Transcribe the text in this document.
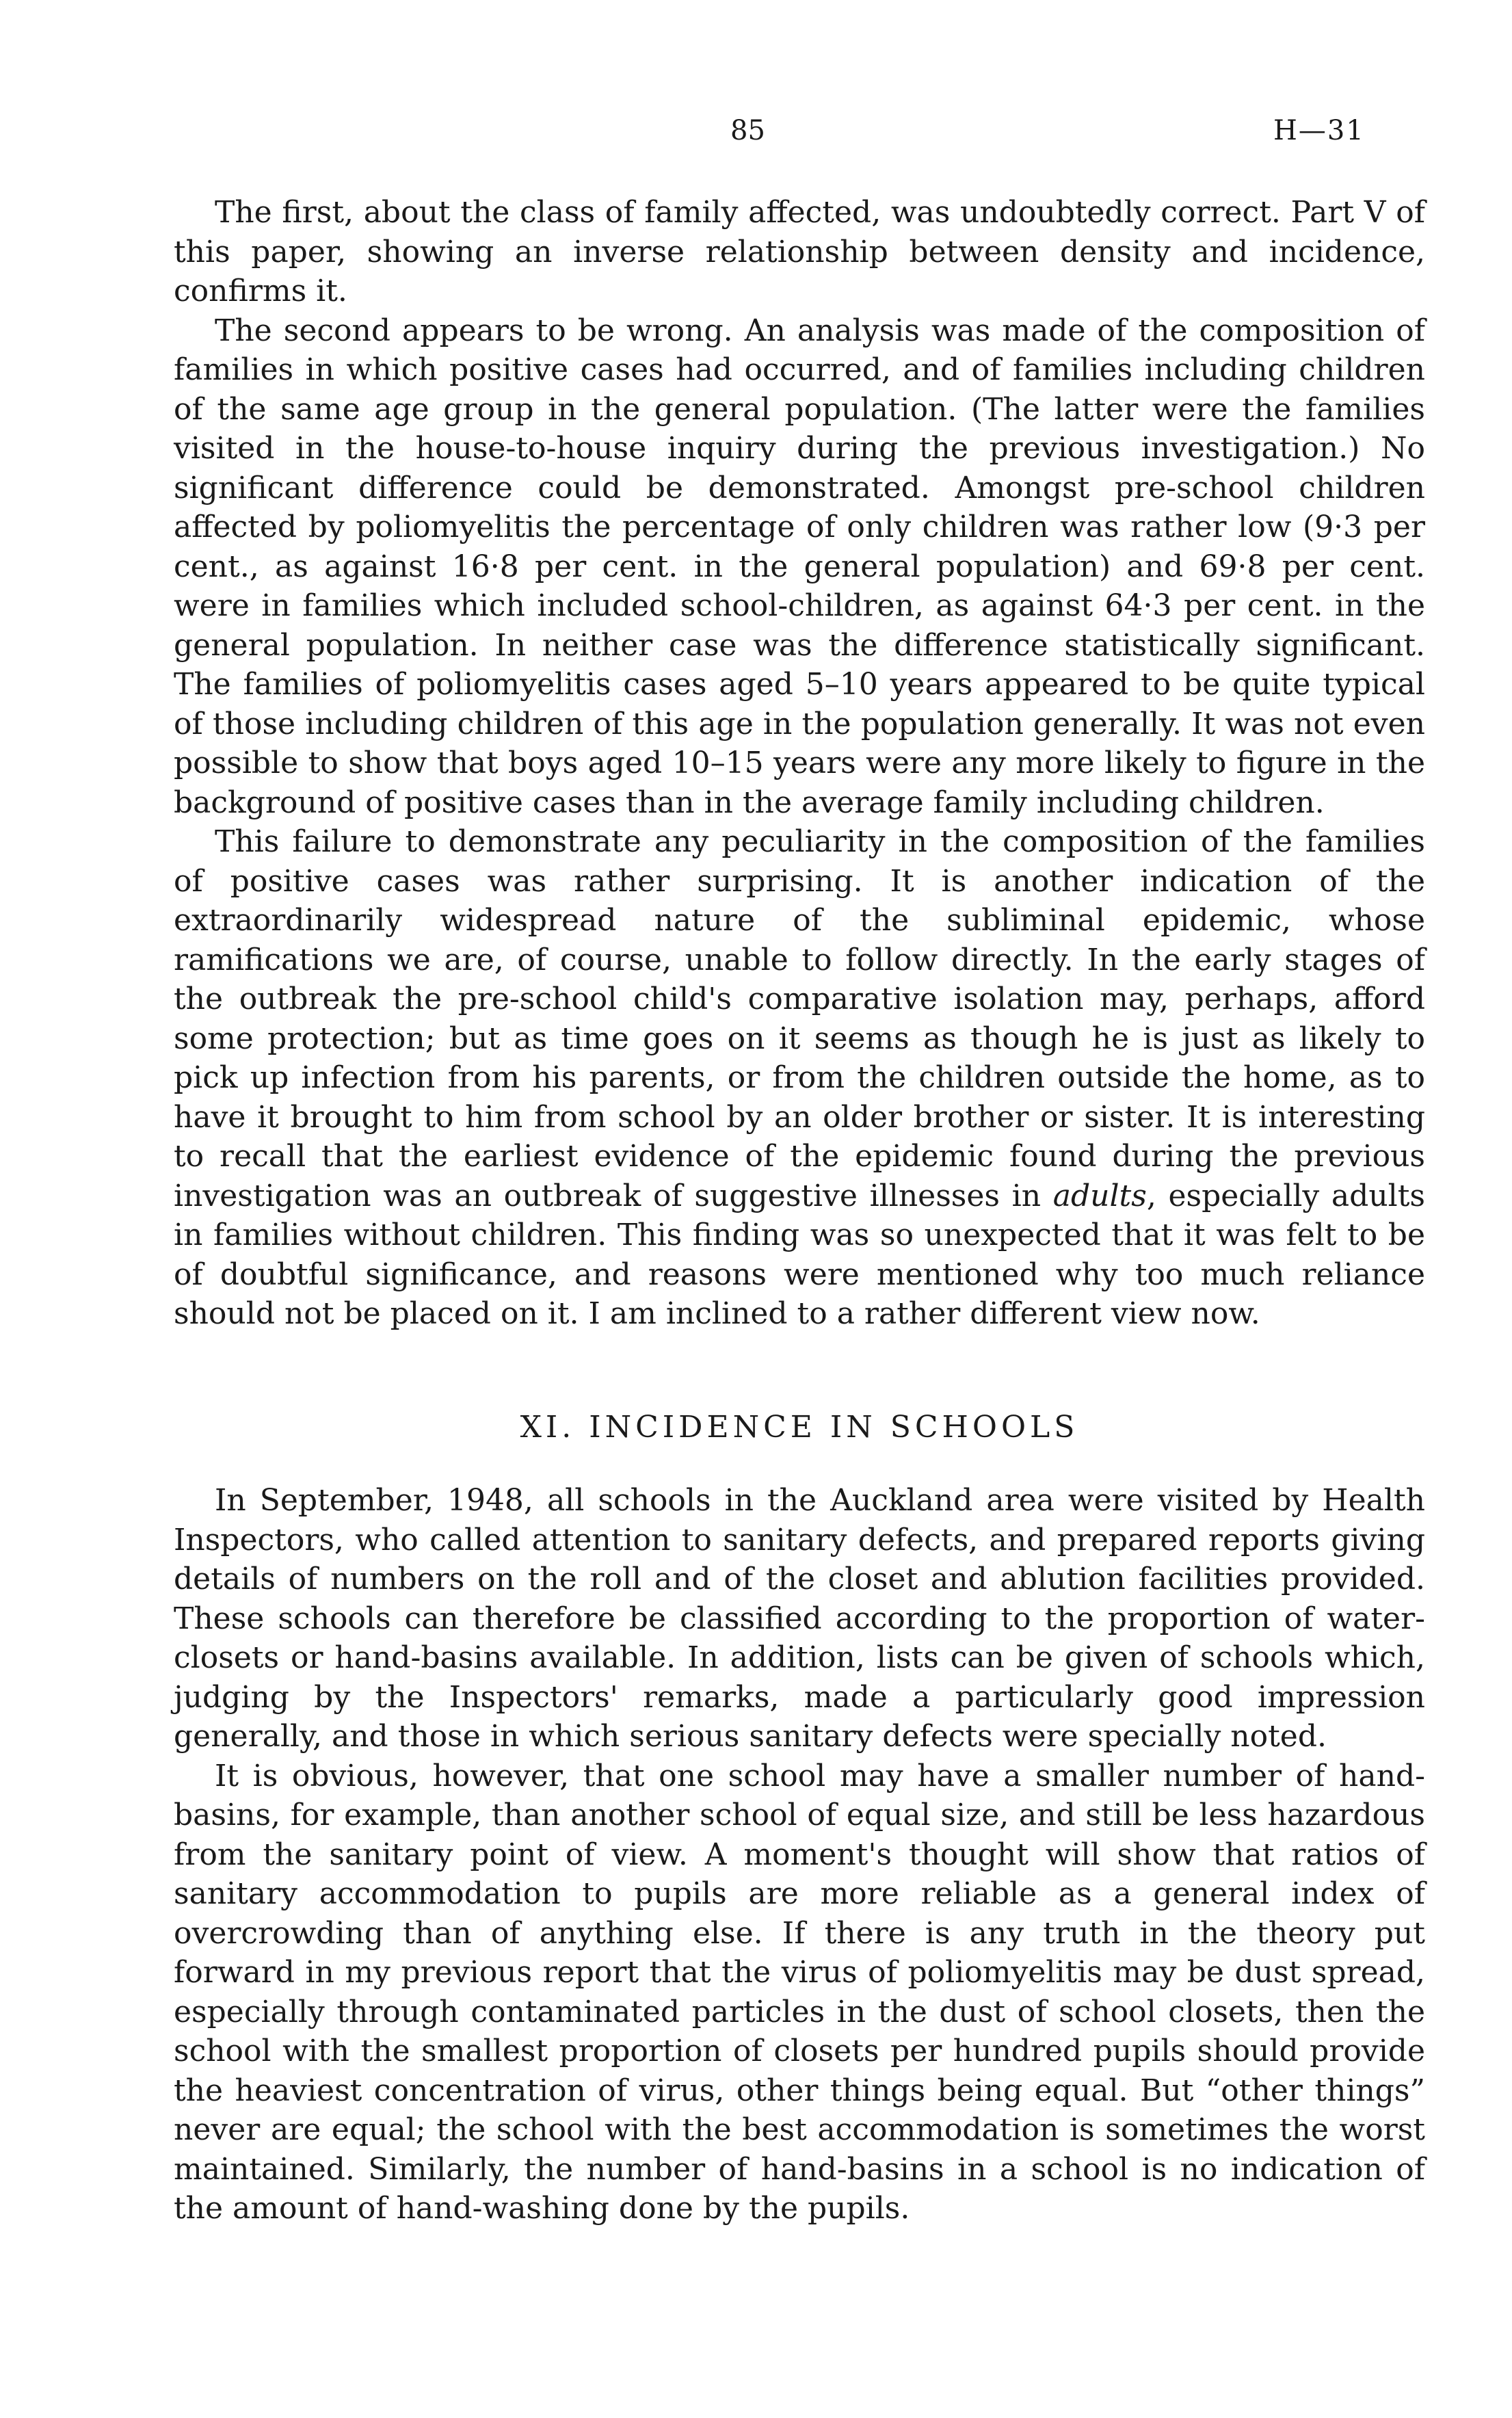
85	H—31

The first, about the class of family affected, was undoubtedly correct. Part V of this paper, showing an inverse relationship between density and incidence, confirms it.

The second appears to be wrong. An analysis was made of the composition of families in which positive cases had occurred, and of families including children of the same age group in the general population. (The latter were the families visited in the house-to-house inquiry during the previous investigation.) No significant difference could be demonstrated. Amongst pre-school children affected by poliomyelitis the percentage of only children was rather low (9·3 per cent., as against 16·8 per cent. in the general population) and 69·8 per cent. were in families which included school-children, as against 64·3 per cent. in the general population. In neither case was the difference statistically significant. The families of poliomyelitis cases aged 5–10 years appeared to be quite typical of those including children of this age in the population generally. It was not even possible to show that boys aged 10–15 years were any more likely to figure in the background of positive cases than in the average family including children.

This failure to demonstrate any peculiarity in the composition of the families of positive cases was rather surprising. It is another indication of the extraordinarily widespread nature of the subliminal epidemic, whose ramifications we are, of course, unable to follow directly. In the early stages of the outbreak the pre-school child's comparative isolation may, perhaps, afford some protection; but as time goes on it seems as though he is just as likely to pick up infection from his parents, or from the children outside the home, as to have it brought to him from school by an older brother or sister. It is interesting to recall that the earliest evidence of the epidemic found during the previous investigation was an outbreak of suggestive illnesses in adults, especially adults in families without children. This finding was so unexpected that it was felt to be of doubtful significance, and reasons were mentioned why too much reliance should not be placed on it. I am inclined to a rather different view now.

XI. INCIDENCE IN SCHOOLS

In September, 1948, all schools in the Auckland area were visited by Health Inspectors, who called attention to sanitary defects, and prepared reports giving details of numbers on the roll and of the closet and ablution facilities provided. These schools can therefore be classified according to the proportion of water-closets or hand-basins available. In addition, lists can be given of schools which, judging by the Inspectors' remarks, made a particularly good impression generally, and those in which serious sanitary defects were specially noted.

It is obvious, however, that one school may have a smaller number of hand-basins, for example, than another school of equal size, and still be less hazardous from the sanitary point of view. A moment's thought will show that ratios of sanitary accommodation to pupils are more reliable as a general index of overcrowding than of anything else. If there is any truth in the theory put forward in my previous report that the virus of poliomyelitis may be dust spread, especially through contaminated particles in the dust of school closets, then the school with the smallest proportion of closets per hundred pupils should provide the heaviest concentration of virus, other things being equal. But “other things” never are equal; the school with the best accommodation is sometimes the worst maintained. Similarly, the number of hand-basins in a school is no indication of the amount of hand-washing done by the pupils.
